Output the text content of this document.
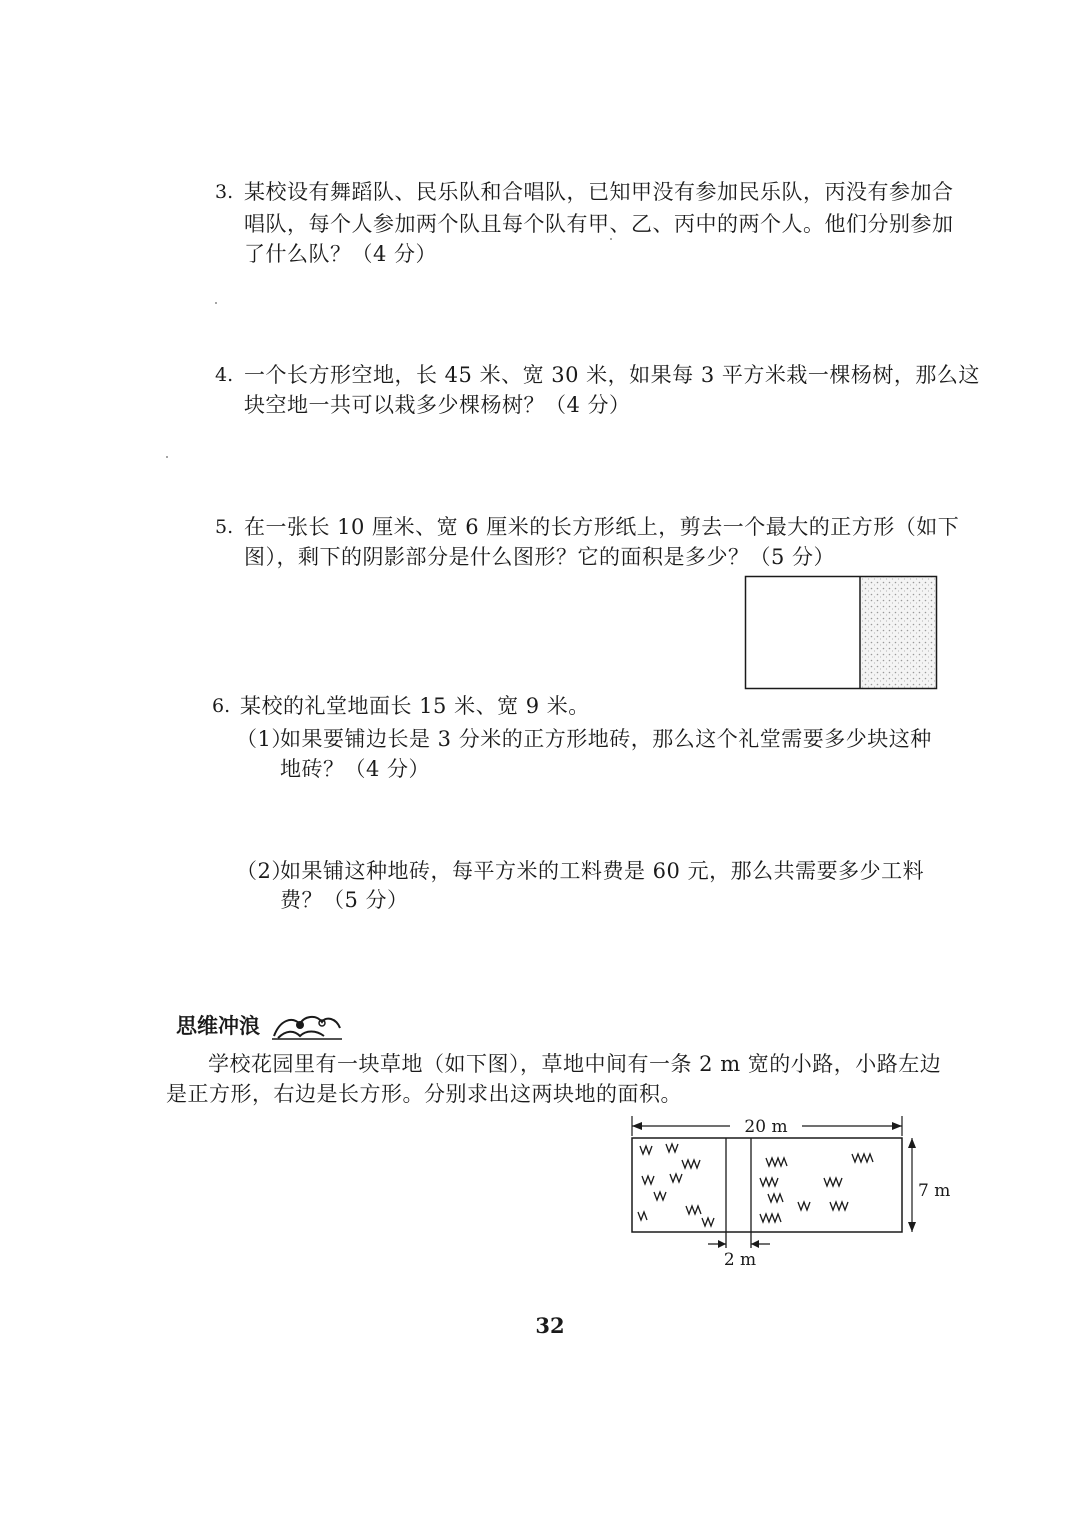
3. 某校设有舞蹈队、民乐队和合唱队，已知甲没有参加民乐队，丙没有参加合
唱队，每个人参加两个队且每个队有甲、乙、丙中的两个人。他们分别参加
了什么队？（4 分）
4. 一个长方形空地，长 45 米、宽 30 米，如果每 3 平方米栽一棵杨树，那么这
块空地一共可以栽多少棵杨树？（4 分）
5. 在一张长 10 厘米、宽 6 厘米的长方形纸上，剪去一个最大的正方形（如下
图），剩下的阴影部分是什么图形？它的面积是多少？（5 分）
6. 某校的礼堂地面长 15 米、宽 9 米。
（1）
如果要铺边长是 3 分米的正方形地砖，那么这个礼堂需要多少块这种
地砖？（4 分）
（2）
如果铺这种地砖，每平方米的工料费是 60 元，那么共需要多少工料
费？（5 分）
思维冲浪
学校花园里有一块草地（如下图），草地中间有一条 2 m 宽的小路，小路左边
是正方形，右边是长方形。分别求出这两块地的面积。
20 m
7 m
2 m
32
